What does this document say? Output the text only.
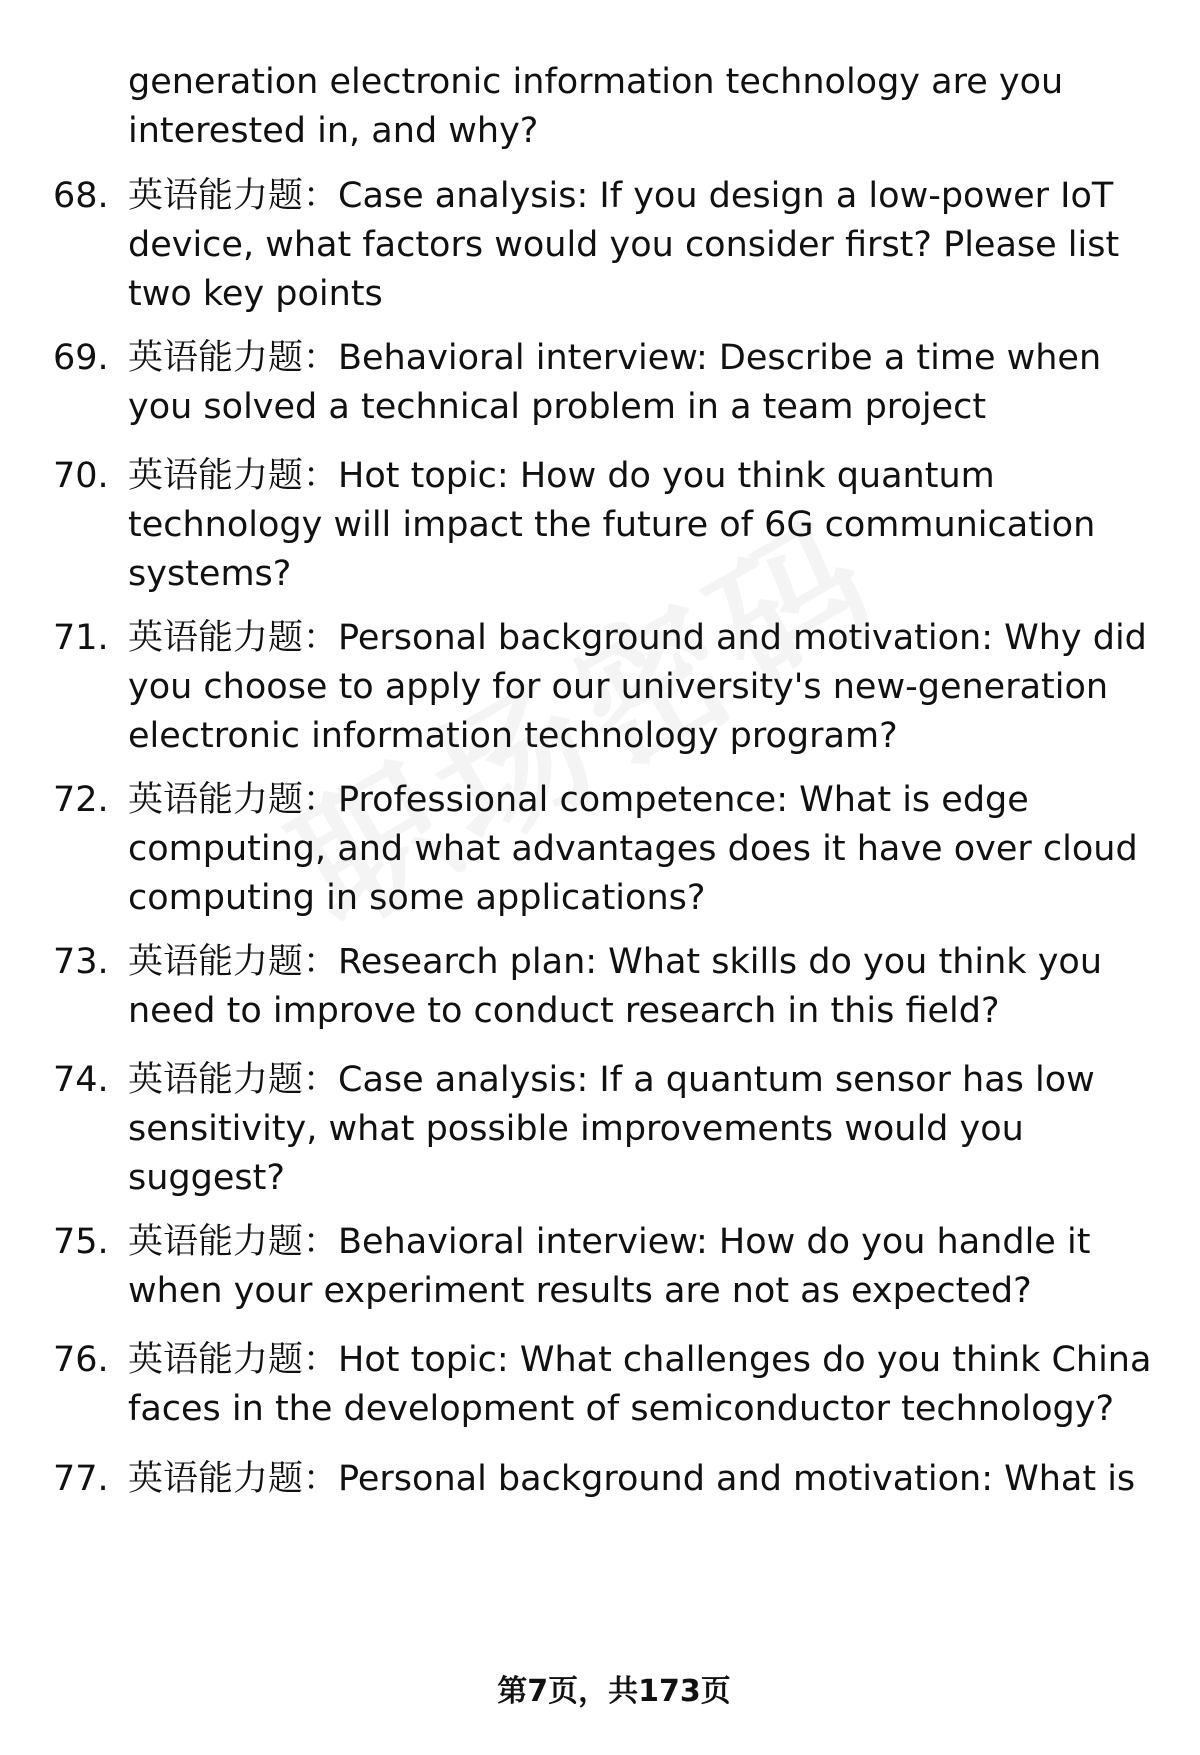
generation electronic information technology are you interested in, and why?
68. 英语能力题：Case analysis: If you design a low-power IoT device, what factors would you consider first? Please list two key points
69. 英语能力题：Behavioral interview: Describe a time when you solved a technical problem in a team project
70. 英语能力题：Hot topic: How do you think quantum technology will impact the future of 6G communication systems?
71. 英语能力题：Personal background and motivation: Why did you choose to apply for our university's new-generation electronic information technology program?
72. 英语能力题：Professional competence: What is edge computing, and what advantages does it have over cloud computing in some applications?
73. 英语能力题：Research plan: What skills do you think you need to improve to conduct research in this field?
74. 英语能力题：Case analysis: If a quantum sensor has low sensitivity, what possible improvements would you suggest?
75. 英语能力题：Behavioral interview: How do you handle it when your experiment results are not as expected?
76. 英语能力题：Hot topic: What challenges do you think China faces in the development of semiconductor technology?
77. 英语能力题：Personal background and motivation: What is
第7页，共173页
